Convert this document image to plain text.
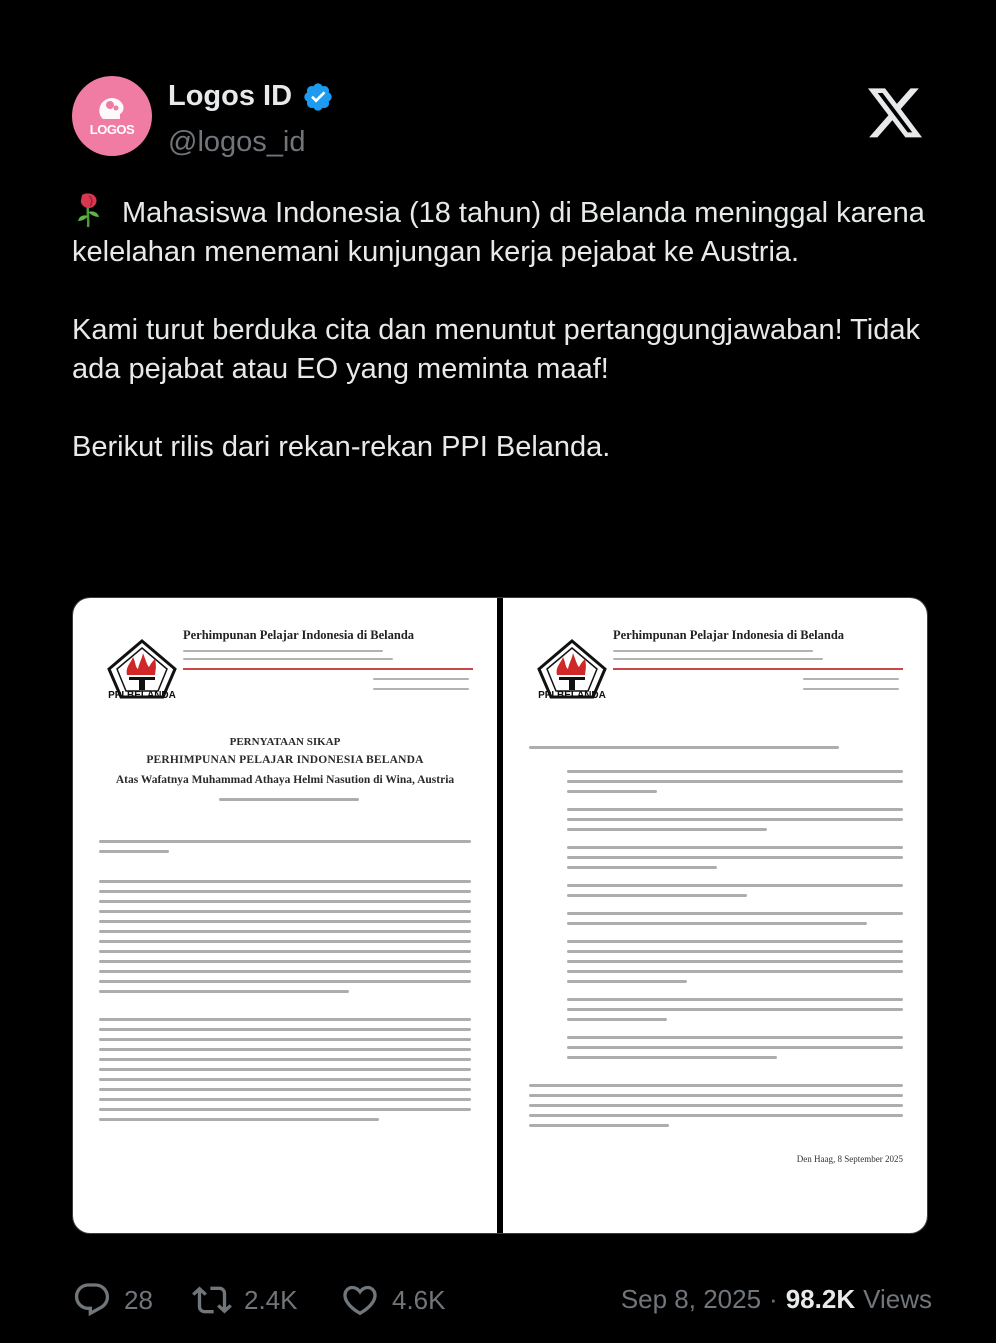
LOGOS
Logos ID
@logos_id

Mahasiswa Indonesia (18 tahun) di Belanda meninggal karena kelelahan menemani kunjungan kerja pejabat ke Austria.

Kami turut berduka cita dan menuntut pertanggungjawaban! Tidak ada pejabat atau EO yang meminta maaf!

Berikut rilis dari rekan-rekan PPI Belanda.

PPI BELANDA
Perhimpunan Pelajar Indonesia di Belanda
PERNYATAAN SIKAP
PERHIMPUNAN PELAJAR INDONESIA BELANDA
Atas Wafatnya Muhammad Athaya Helmi Nasution di Wina, Austria
PPI BELANDA
Perhimpunan Pelajar Indonesia di Belanda
Den Haag, 8 September 2025
28	2.4K	4.6K	Sep 8, 2025 · 98.2K Views
